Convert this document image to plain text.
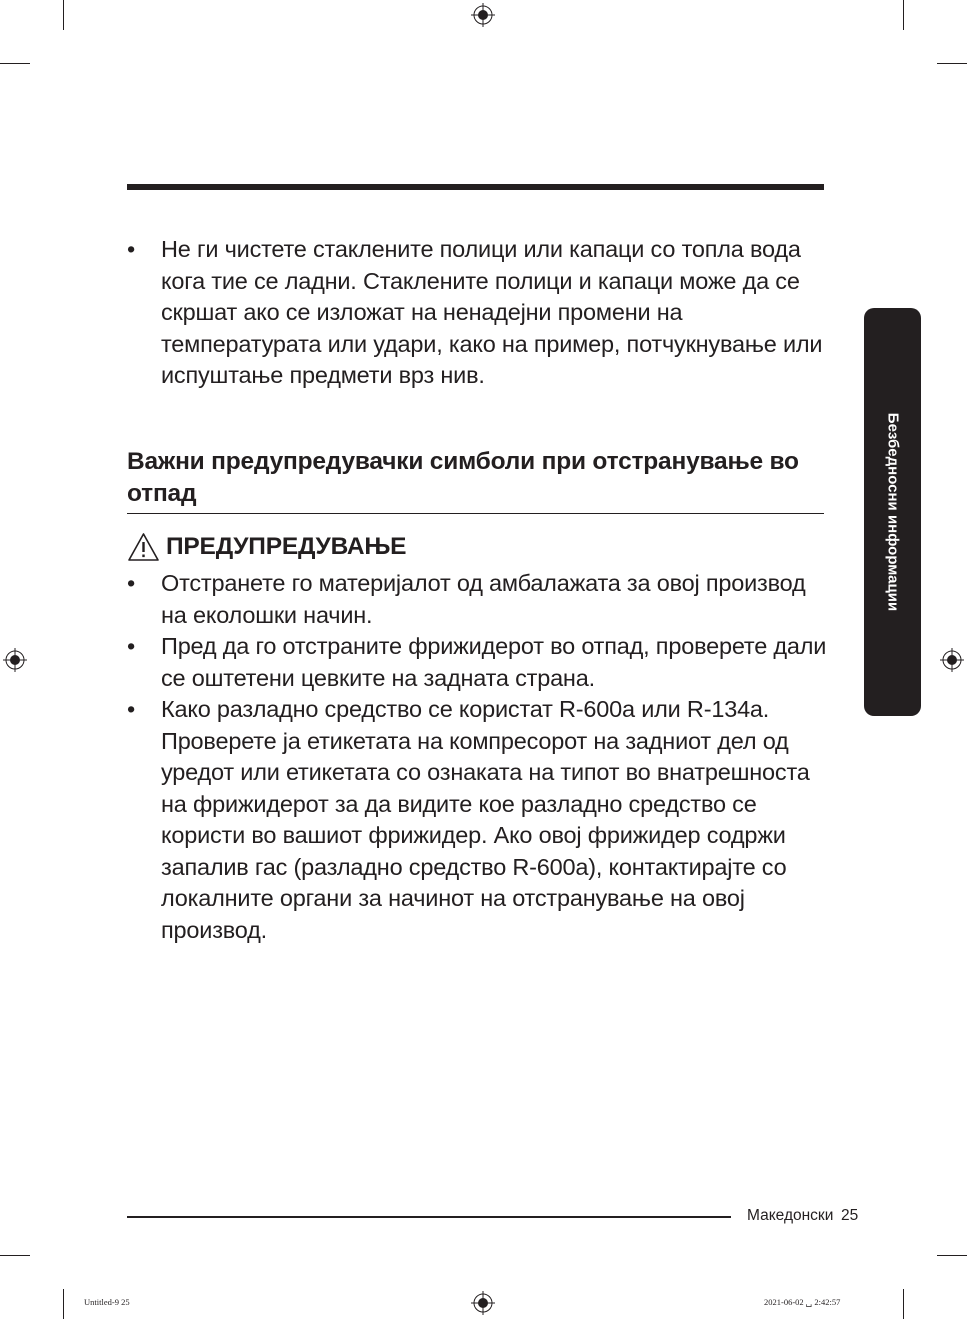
• Не ги чистете стаклените полици или капаци со топла вода кога тие се ладни. Стаклените полици и капаци може да се скршат ако се изложат на ненадејни промени на температурата или удари, како на пример, потчукнување или испуштање предмети врз нив.
Важни предупредувачки симболи при отстранување во отпад
ПРЕДУПРЕДУВАЊЕ
• Отстранете го материјалот од амбалажата за овој производ на еколошки начин.
• Пред да го отстраните фрижидерот во отпад, проверете дали се оштетени цевките на задната страна.
• Како разладно средство се користат R-600a или R-134a. Проверете ја етикетата на компресорот на задниот дел од уредот или етикетата со ознаката на типот во внатрешноста на фрижидерот за да видите кое разладно средство се користи во вашиот фрижидер. Ако овој фрижидер содржи запалив гас (разладно средство R-600a), контактирајте со локалните органи за начинот на отстранување на овој производ.
Безбедносни информации
Македонски 25
Untitled-9 25	2021-06-02 ␣ 2:42:57
